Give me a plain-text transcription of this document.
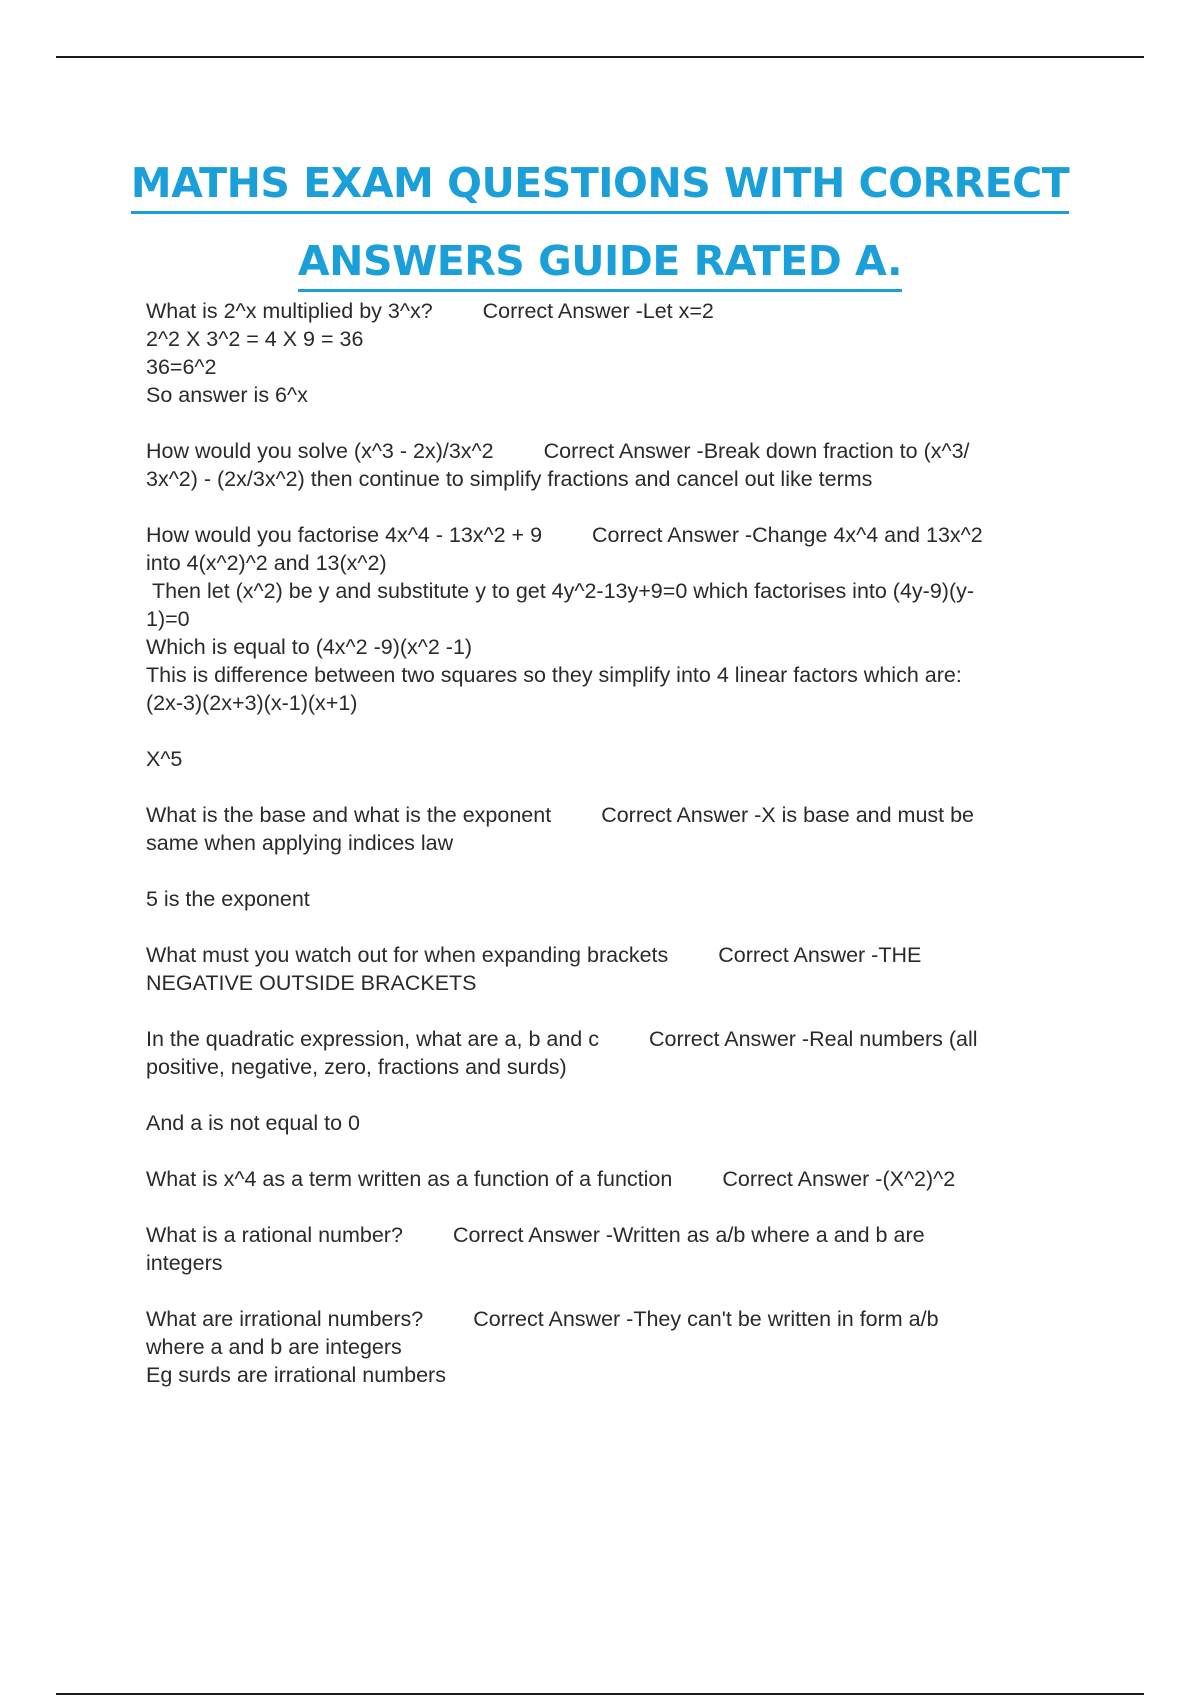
MATHS EXAM QUESTIONS WITH CORRECT
ANSWERS GUIDE RATED A.
What is 2^x multiplied by 3^x? Correct Answer -Let x=2
2^2 X 3^2 = 4 X 9 = 36
36=6^2
So answer is 6^x
How would you solve (x^3 - 2x)/3x^2 Correct Answer -Break down fraction to (x^3/
3x^2) - (2x/3x^2) then continue to simplify fractions and cancel out like terms
How would you factorise 4x^4 - 13x^2 + 9 Correct Answer -Change 4x^4 and 13x^2
into 4(x^2)^2 and 13(x^2)
Then let (x^2) be y and substitute y to get 4y^2-13y+9=0 which factorises into (4y-9)(y-
1)=0
Which is equal to (4x^2 -9)(x^2 -1)
This is difference between two squares so they simplify into 4 linear factors which are:
(2x-3)(2x+3)(x-1)(x+1)
X^5
What is the base and what is the exponent Correct Answer -X is base and must be
same when applying indices law
5 is the exponent
What must you watch out for when expanding brackets Correct Answer -THE
NEGATIVE OUTSIDE BRACKETS
In the quadratic expression, what are a, b and c Correct Answer -Real numbers (all
positive, negative, zero, fractions and surds)
And a is not equal to 0
What is x^4 as a term written as a function of a function Correct Answer -(X^2)^2
What is a rational number? Correct Answer -Written as a/b where a and b are
integers
What are irrational numbers? Correct Answer -They can't be written in form a/b
where a and b are integers
Eg surds are irrational numbers
